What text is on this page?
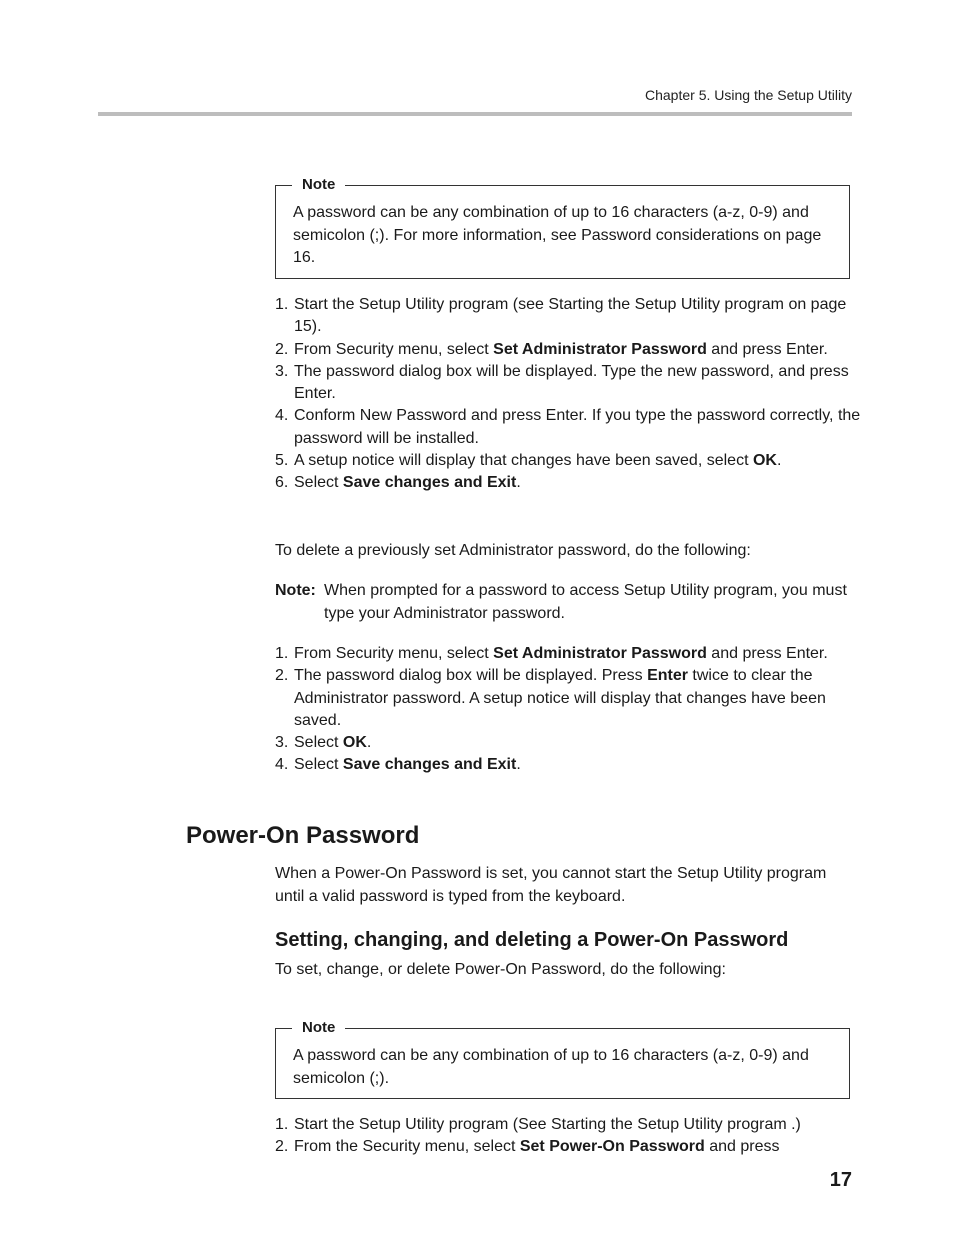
Chapter 5. Using the Setup Utility
Note
A password can be any combination of up to 16 characters (a-z, 0-9) and semicolon (;). For more information, see Password considerations on page 16.
1. Start the Setup Utility program (see Starting the Setup Utility program on page 15).
2. From Security menu, select Set Administrator Password and press Enter.
3. The password dialog box will be displayed. Type the new password, and press Enter.
4. Conform New Password and press Enter. If you type the password correctly, the password will be installed.
5. A setup notice will display that changes have been saved, select OK.
6. Select Save changes and Exit.
To delete a previously set Administrator password, do the following:
Note: When prompted for a password to access Setup Utility program, you must type your Administrator password.
1. From Security menu, select Set Administrator Password and press Enter.
2. The password dialog box will be displayed. Press Enter twice to clear the Administrator password. A setup notice will display that changes have been saved.
3. Select OK.
4. Select Save changes and Exit.
Power-On Password
When a Power-On Password is set, you cannot start the Setup Utility program until a valid password is typed from the keyboard.
Setting, changing, and deleting a Power-On Password
To set, change, or delete Power-On Password, do the following:
Note
A password can be any combination of up to 16 characters (a-z, 0-9) and semicolon (;).
1. Start the Setup Utility program (See Starting the Setup Utility program .)
2. From the Security menu, select Set Power-On Password and press
17
